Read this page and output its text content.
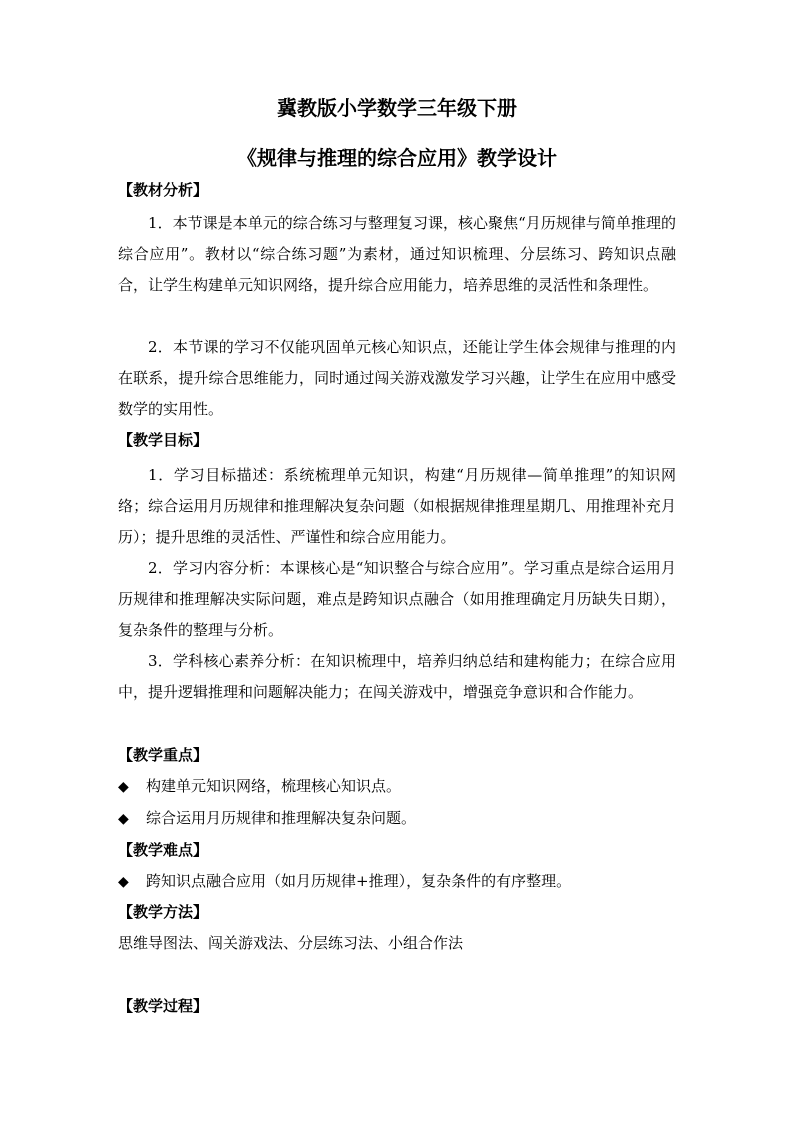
冀教版小学数学三年级下册
《规律与推理的综合应用》教学设计
【教材分析】
1．本节课是本单元的综合练习与整理复习课，核心聚焦“月历规律与简单推理的综合应用”。教材以“综合练习题”为素材，通过知识梳理、分层练习、跨知识点融合，让学生构建单元知识网络，提升综合应用能力，培养思维的灵活性和条理性。
2．本节课的学习不仅能巩固单元核心知识点，还能让学生体会规律与推理的内在联系，提升综合思维能力，同时通过闯关游戏激发学习兴趣，让学生在应用中感受数学的实用性。
【教学目标】
1．学习目标描述：系统梳理单元知识，构建“月历规律—简单推理”的知识网络；综合运用月历规律和推理解决复杂问题（如根据规律推理星期几、用推理补充月历）；提升思维的灵活性、严谨性和综合应用能力。
2．学习内容分析：本课核心是“知识整合与综合应用”。学习重点是综合运用月历规律和推理解决实际问题，难点是跨知识点融合（如用推理确定月历缺失日期），复杂条件的整理与分析。
3．学科核心素养分析：在知识梳理中，培养归纳总结和建构能力；在综合应用中，提升逻辑推理和问题解决能力；在闯关游戏中，增强竞争意识和合作能力。
【教学重点】
◆ 构建单元知识网络，梳理核心知识点。
◆ 综合运用月历规律和推理解决复杂问题。
【教学难点】
◆ 跨知识点融合应用（如月历规律+推理），复杂条件的有序整理。
【教学方法】
思维导图法、闯关游戏法、分层练习法、小组合作法
【教学过程】
